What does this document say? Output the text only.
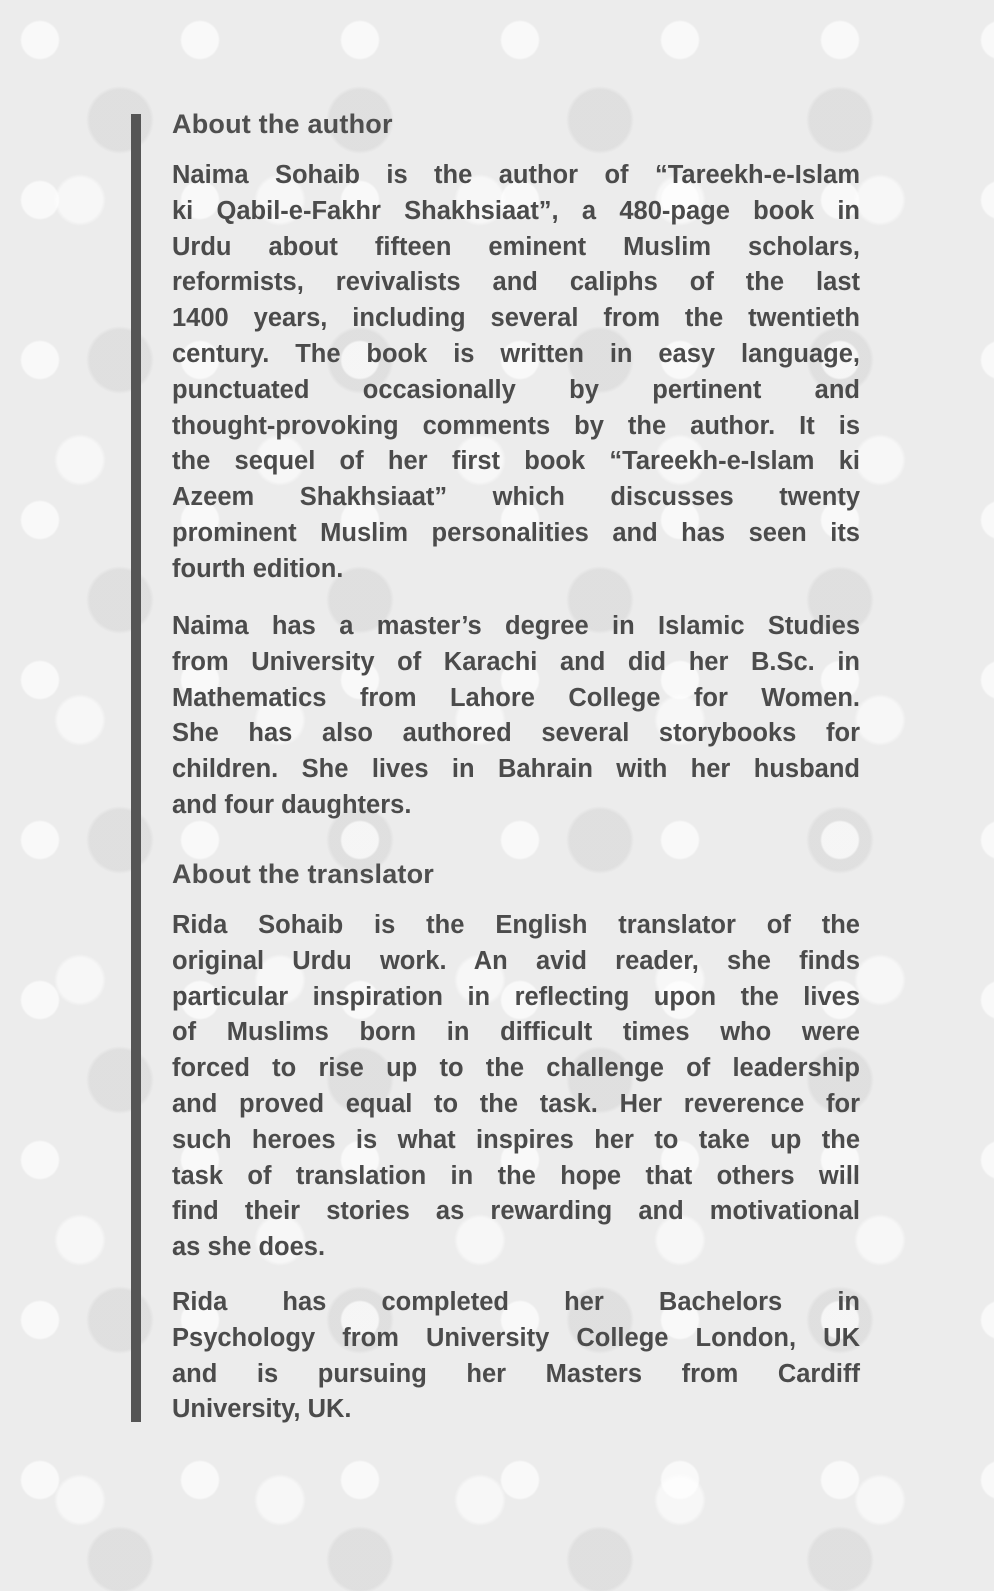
About the author
Naima Sohaib is the author of “Tareekh-e-Islam
ki Qabil-e-Fakhr Shakhsiaat”, a 480-page book in
Urdu about fifteen eminent Muslim scholars,
reformists, revivalists and caliphs of the last
1400 years, including several from the twentieth
century. The book is written in easy language,
punctuated occasionally by pertinent and
thought-provoking comments by the author. It is
the sequel of her first book “Tareekh-e-Islam ki
Azeem Shakhsiaat” which discusses twenty
prominent Muslim personalities and has seen its
fourth edition.
Naima has a master’s degree in Islamic Studies
from University of Karachi and did her B.Sc. in
Mathematics from Lahore College for Women.
She has also authored several storybooks for
children. She lives in Bahrain with her husband
and four daughters.
About the translator
Rida Sohaib is the English translator of the
original Urdu work. An avid reader, she finds
particular inspiration in reflecting upon the lives
of Muslims born in difficult times who were
forced to rise up to the challenge of leadership
and proved equal to the task. Her reverence for
such heroes is what inspires her to take up the
task of translation in the hope that others will
find their stories as rewarding and motivational
as she does.
Rida has completed her Bachelors in
Psychology from University College London, UK
and is pursuing her Masters from Cardiff
University, UK.
